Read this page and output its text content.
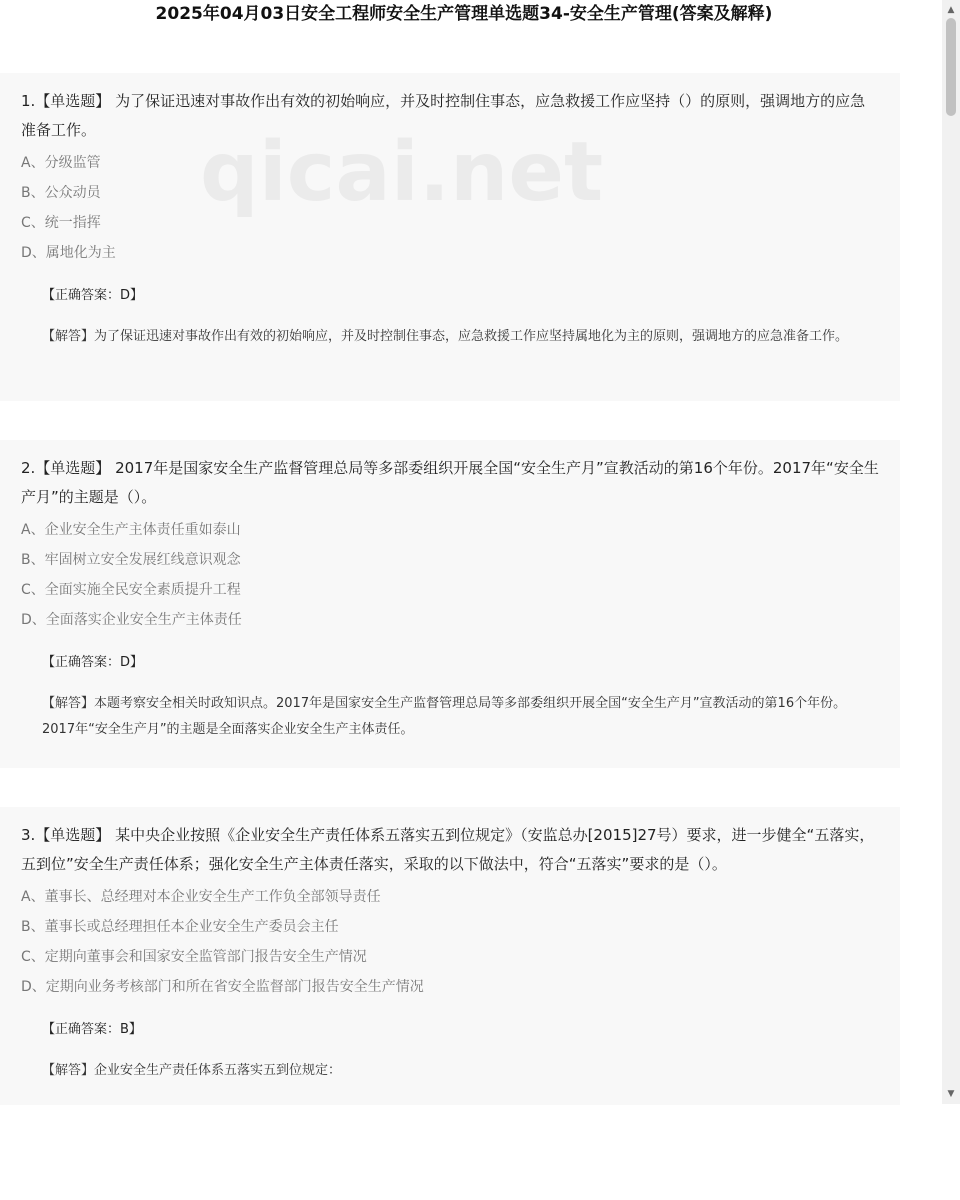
2025年04月03日安全工程师安全生产管理单选题34-安全生产管理(答案及解释)

1.【单选题】 为了保证迅速对事故作出有效的初始响应，并及时控制住事态，应急救援工作应坚持（）的原则，强调地方的应急准备工作。

A、分级监管
B、公众动员
C、统一指挥
D、属地化为主
【正确答案：D】
【解答】为了保证迅速对事故作出有效的初始响应，并及时控制住事态，应急救援工作应坚持属地化为主的原则，强调地方的应急准备工作。

2.【单选题】 2017年是国家安全生产监督管理总局等多部委组织开展全国“安全生产月”宣教活动的第16个年份。2017年“安全生产月”的主题是（）。

A、企业安全生产主体责任重如泰山
B、牢固树立安全发展红线意识观念
C、全面实施全民安全素质提升工程
D、全面落实企业安全生产主体责任
【正确答案：D】
【解答】本题考察安全相关时政知识点。2017年是国家安全生产监督管理总局等多部委组织开展全国“安全生产月”宣教活动的第16个年份。2017年“安全生产月”的主题是全面落实企业安全生产主体责任。

3.【单选题】 某中央企业按照《企业安全生产责任体系五落实五到位规定》（安监总办[2015]27号）要求，进一步健全“五落实，五到位”安全生产责任体系；强化安全生产主体责任落实，采取的以下做法中，符合“五落实”要求的是（）。

A、董事长、总经理对本企业安全生产工作负全部领导责任
B、董事长或总经理担任本企业安全生产委员会主任
C、定期向董事会和国家安全监管部门报告安全生产情况
D、定期向业务考核部门和所在省安全监督部门报告安全生产情况
【正确答案：B】
【解答】企业安全生产责任体系五落实五到位规定：
qicai.net
▲
▼
